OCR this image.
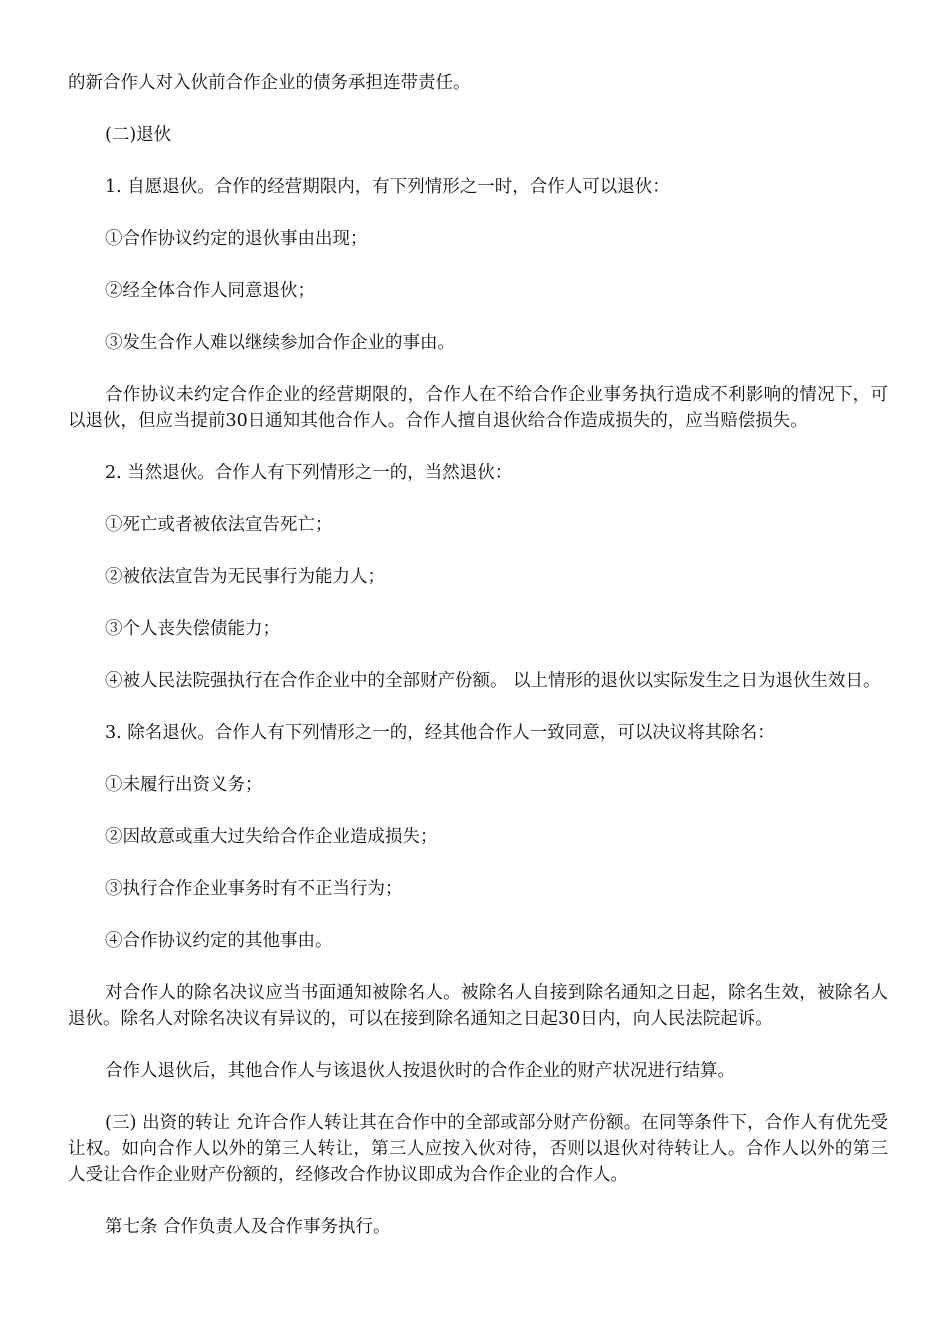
的新合作人对入伙前合作企业的债务承担连带责任。

(二)退伙

1. 自愿退伙。合作的经营期限内，有下列情形之一时，合作人可以退伙：

①合作协议约定的退伙事由出现；

②经全体合作人同意退伙；

③发生合作人难以继续参加合作企业的事由。

合作协议未约定合作企业的经营期限的，合作人在不给合作企业事务执行造成不利影响的情况下，可以退伙，但应当提前30日通知其他合作人。合作人擅自退伙给合作造成损失的，应当赔偿损失。

2. 当然退伙。合作人有下列情形之一的，当然退伙：

①死亡或者被依法宣告死亡；

②被依法宣告为无民事行为能力人；

③个人丧失偿债能力；

④被人民法院强执行在合作企业中的全部财产份额。 以上情形的退伙以实际发生之日为退伙生效日。

3. 除名退伙。合作人有下列情形之一的，经其他合作人一致同意，可以决议将其除名：

①未履行出资义务；

②因故意或重大过失给合作企业造成损失；

③执行合作企业事务时有不正当行为；

④合作协议约定的其他事由。

对合作人的除名决议应当书面通知被除名人。被除名人自接到除名通知之日起，除名生效，被除名人退伙。除名人对除名决议有异议的，可以在接到除名通知之日起30日内，向人民法院起诉。

合作人退伙后，其他合作人与该退伙人按退伙时的合作企业的财产状况进行结算。

(三) 出资的转让 允许合作人转让其在合作中的全部或部分财产份额。在同等条件下，合作人有优先受让权。如向合作人以外的第三人转让，第三人应按入伙对待，否则以退伙对待转让人。合作人以外的第三人受让合作企业财产份额的，经修改合作协议即成为合作企业的合作人。

第七条 合作负责人及合作事务执行。
